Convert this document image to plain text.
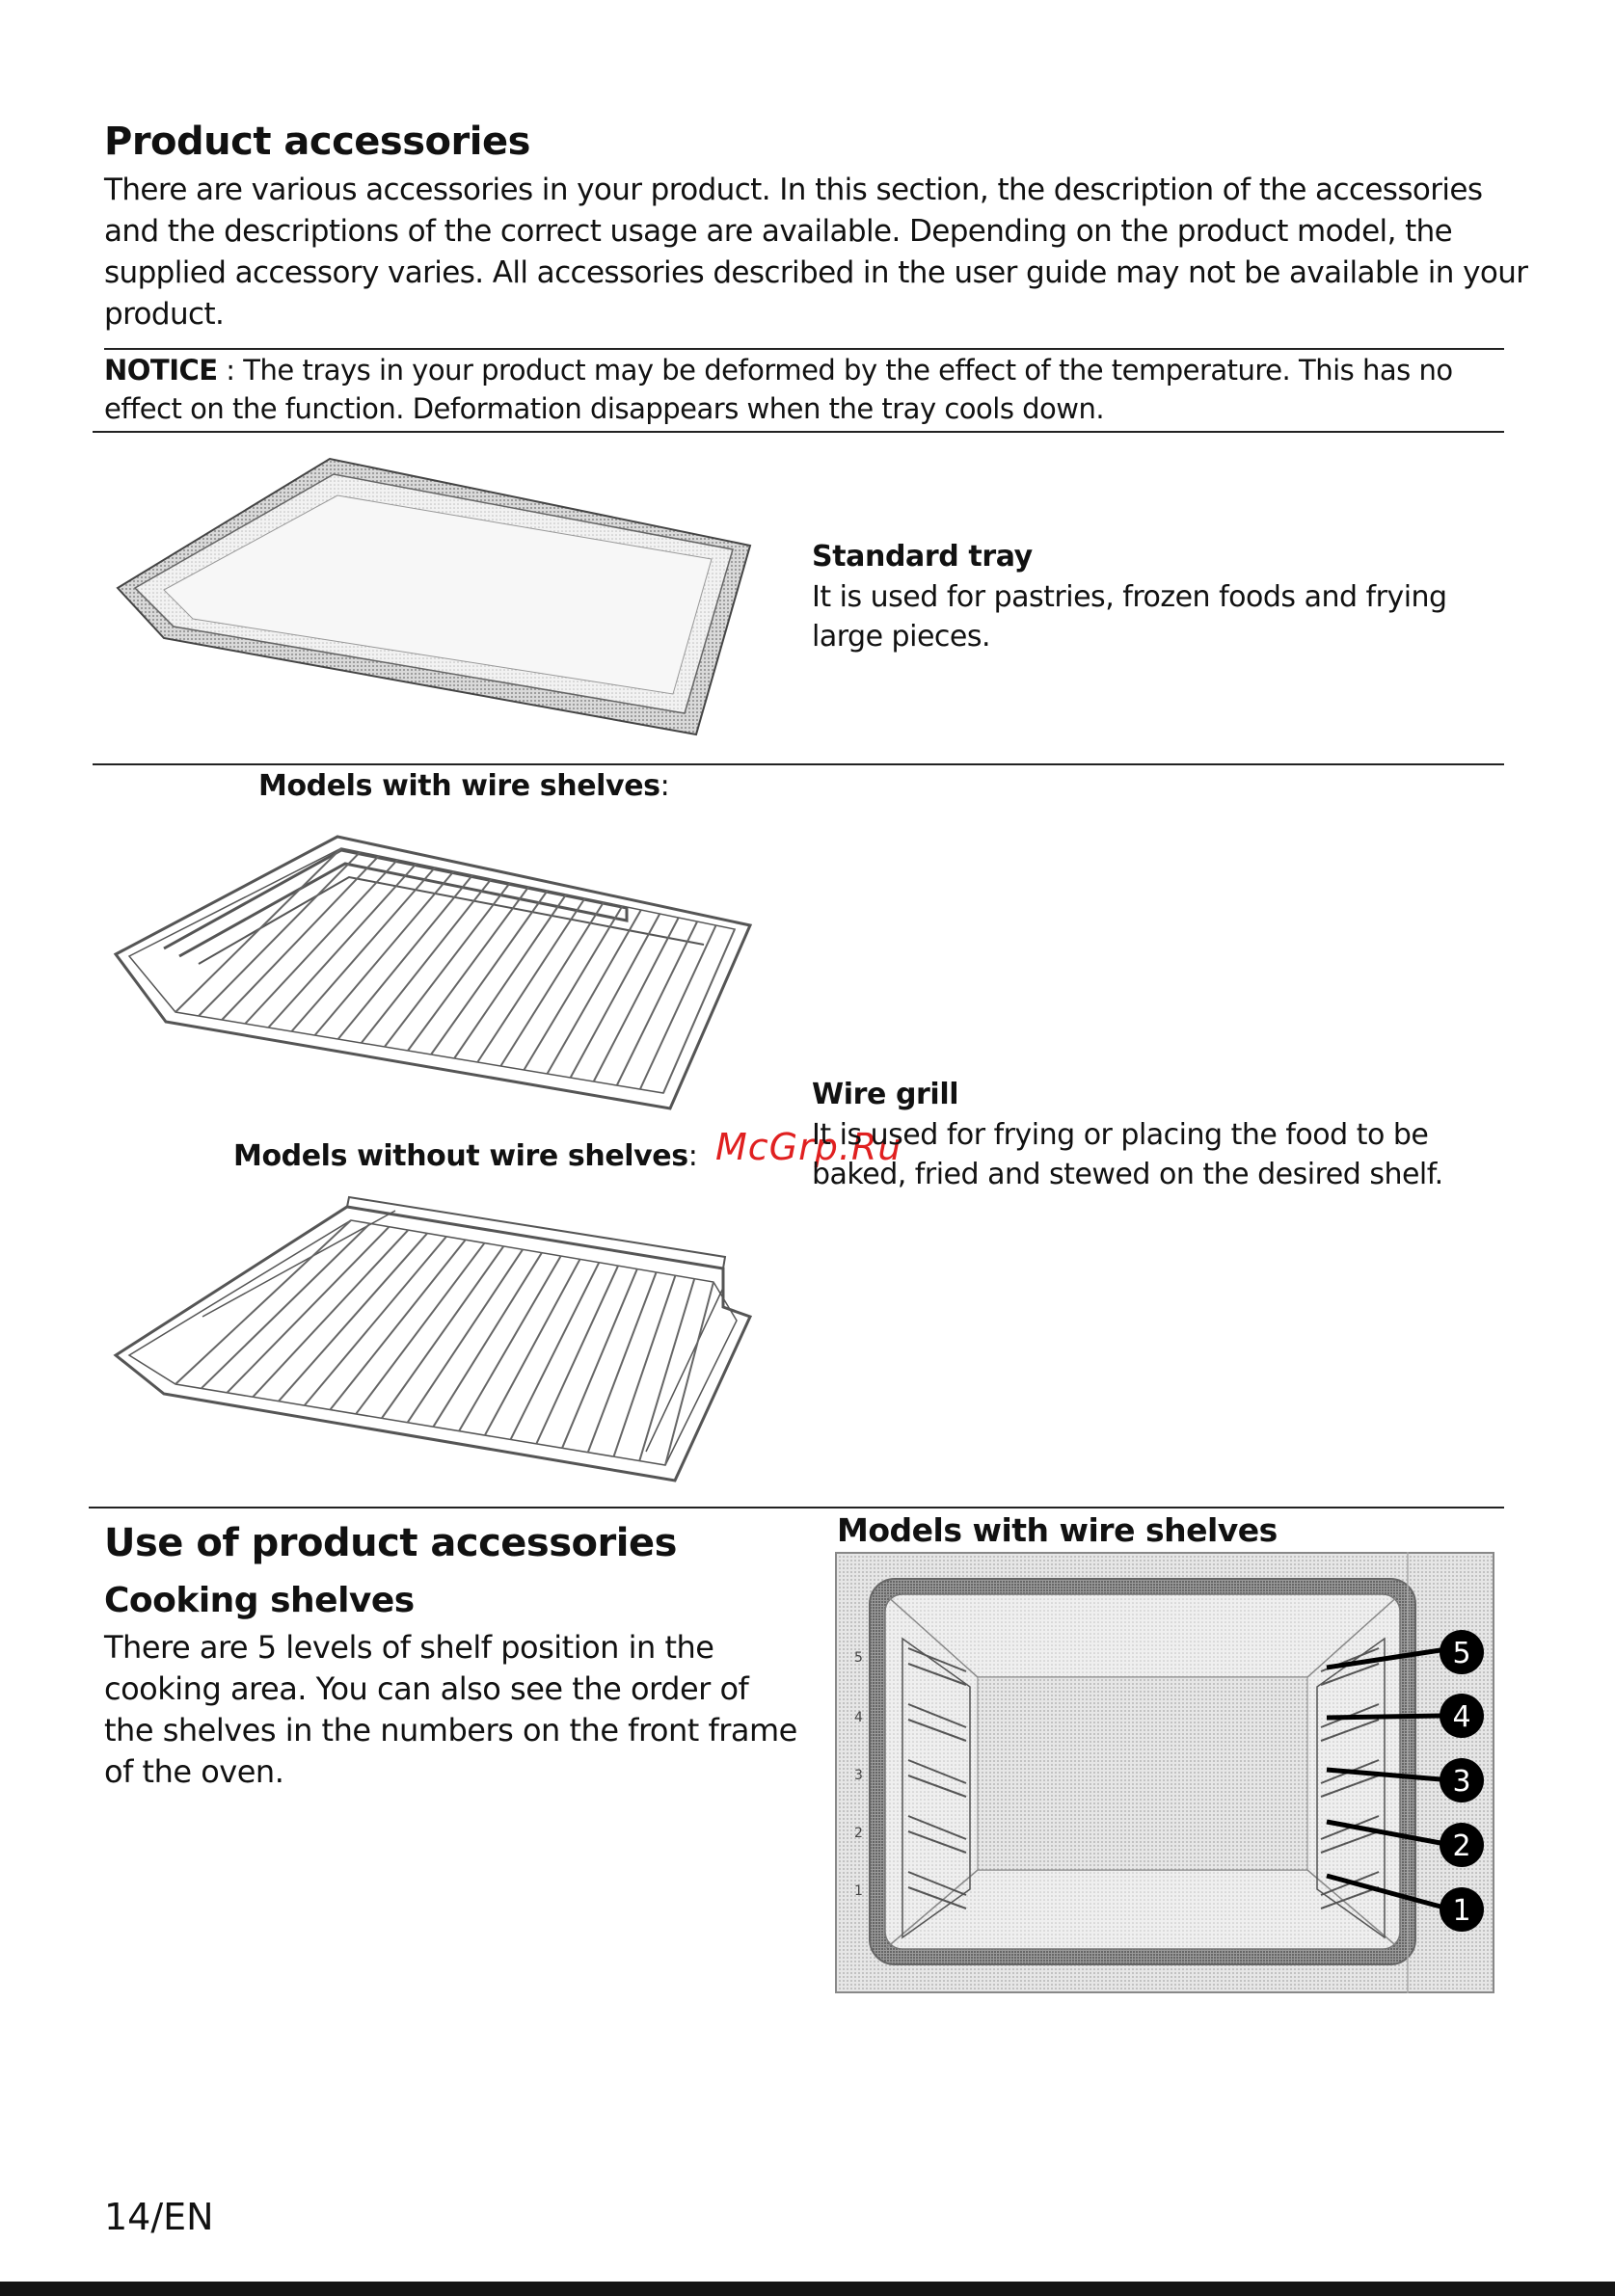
Product accessories

There are various accessories in your product. In this section, the description of the accessories and the descriptions of the correct usage are available. Depending on the product model, the supplied accessory varies. All accessories described in the user guide may not be available in your product.

NOTICE : The trays in your product may be deformed by the effect of the temperature. This has no effect on the function. Deformation disappears when the tray cools down.

Standard tray

It is used for pastries, frozen foods and frying large pieces.

Models with wire shelves:
Models without wire shelves: McGrp.Ru
Wire grill

It is used for frying or placing the food to be baked, fried and stewed on the desired shelf.

Use of product accessories
Cooking shelves

There are 5 levels of shelf position in the cooking area. You can also see the order of the shelves in the numbers on the front frame of the oven.

Models with wire shelves
5
4
3
2
1
5
4
3
2
1
14/EN
